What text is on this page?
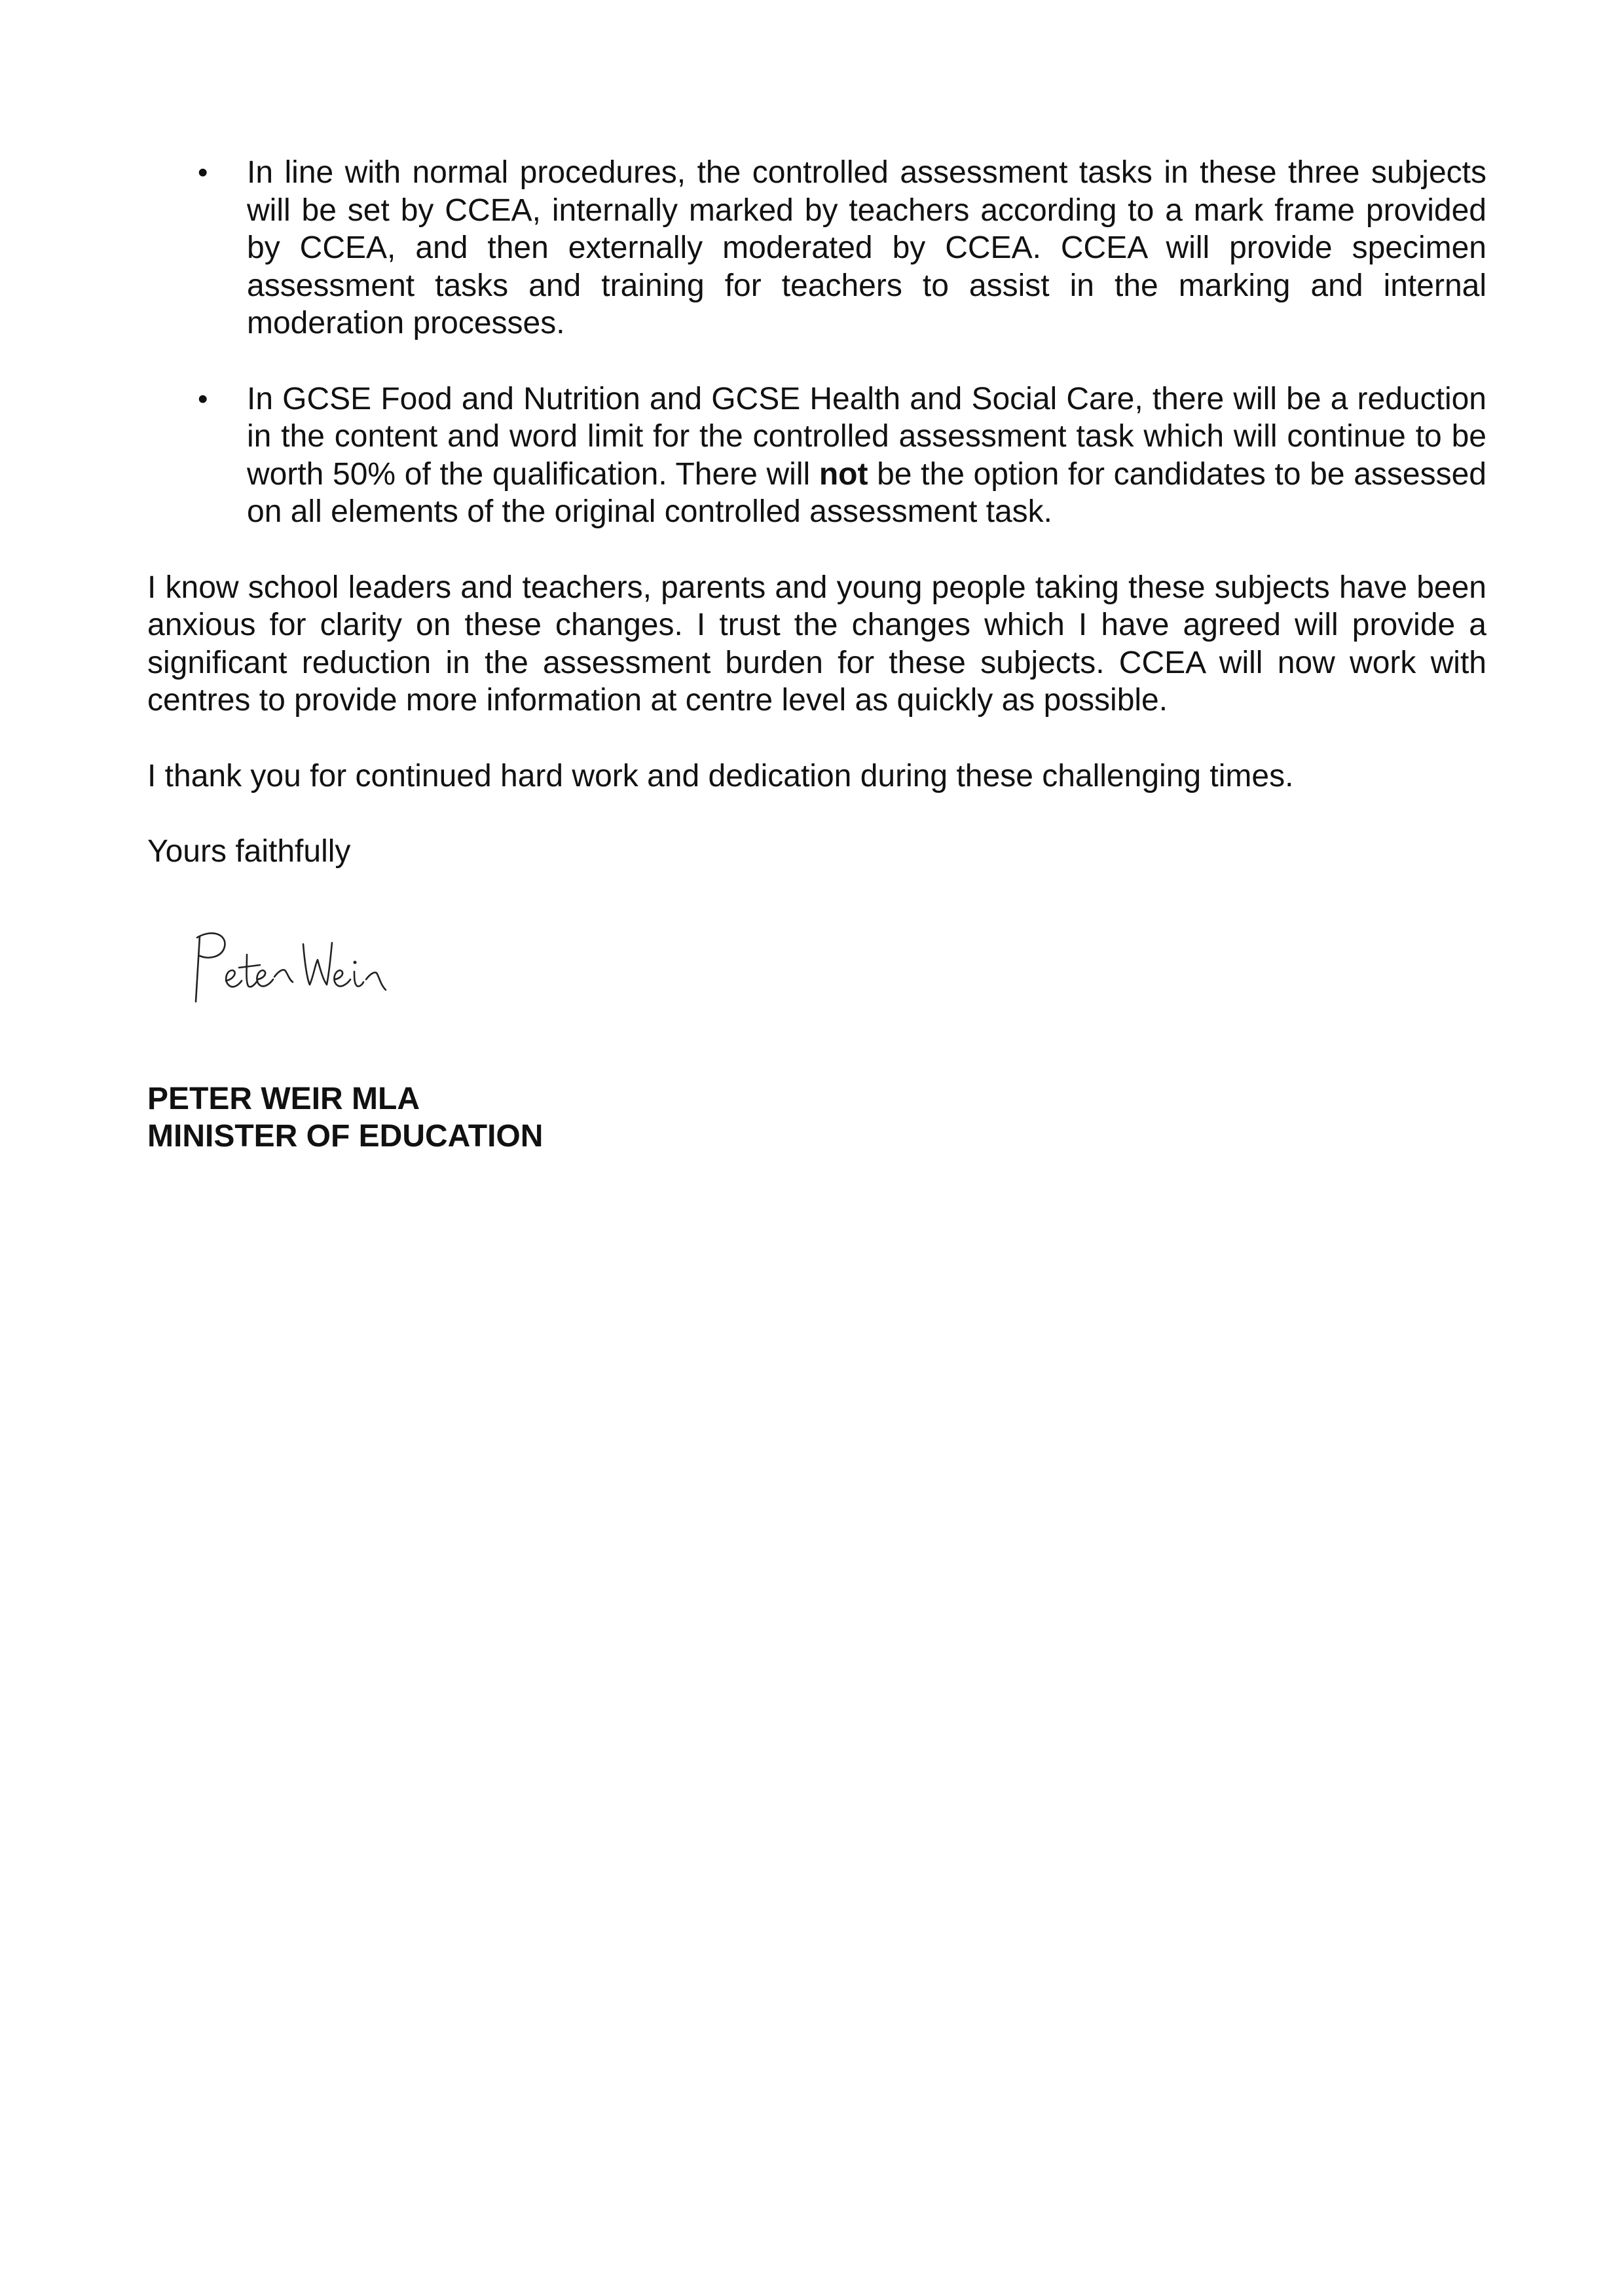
• In line with normal procedures, the controlled assessment tasks in these three subjects will be set by CCEA, internally marked by teachers according to a mark frame provided by CCEA, and then externally moderated by CCEA. CCEA will provide specimen assessment tasks and training for teachers to assist in the marking and internal moderation processes.
• In GCSE Food and Nutrition and GCSE Health and Social Care, there will be a reduction in the content and word limit for the controlled assessment task which will continue to be worth 50% of the qualification. There will not be the option for candidates to be assessed on all elements of the original controlled assessment task.

I know school leaders and teachers, parents and young people taking these subjects have been anxious for clarity on these changes. I trust the changes which I have agreed will provide a significant reduction in the assessment burden for these subjects. CCEA will now work with centres to provide more information at centre level as quickly as possible.

I thank you for continued hard work and dedication during these challenging times.

Yours faithfully

PETER WEIR MLA
MINISTER OF EDUCATION
